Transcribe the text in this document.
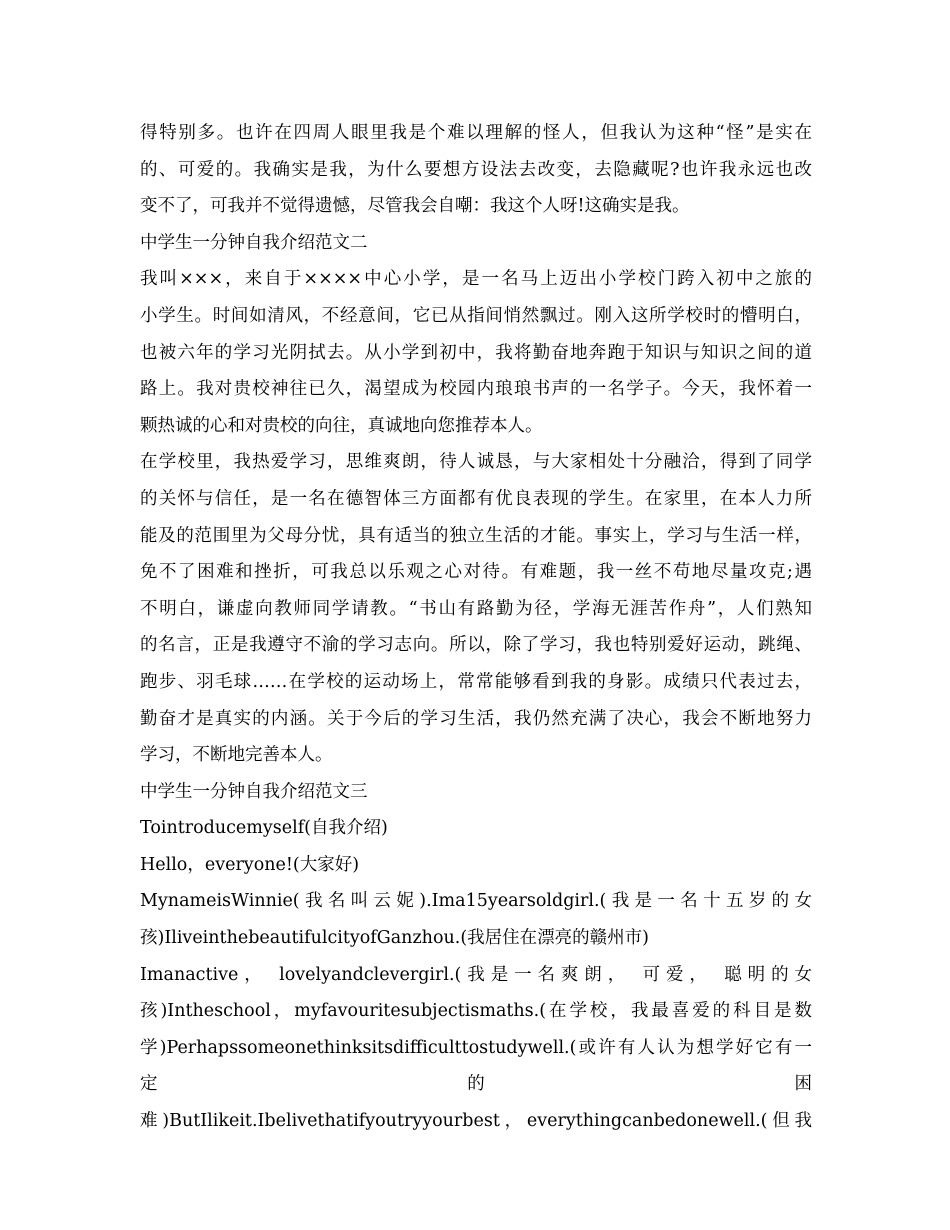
得特别多。也许在四周人眼里我是个难以理解的怪人，但我认为这种“怪”是实在
的、可爱的。我确实是我，为什么要想方设法去改变，去隐藏呢?也许我永远也改
变不了，可我并不觉得遗憾，尽管我会自嘲：我这个人呀!这确实是我。
中学生一分钟自我介绍范文二
我叫×××，来自于××××中心小学，是一名马上迈出小学校门跨入初中之旅的
小学生。时间如清风，不经意间，它已从指间悄然飘过。刚入这所学校时的懵明白，
也被六年的学习光阴拭去。从小学到初中，我将勤奋地奔跑于知识与知识之间的道
路上。我对贵校神往已久，渴望成为校园内琅琅书声的一名学子。今天，我怀着一
颗热诚的心和对贵校的向往，真诚地向您推荐本人。
在学校里，我热爱学习，思维爽朗，待人诚恳，与大家相处十分融洽，得到了同学
的关怀与信任，是一名在德智体三方面都有优良表现的学生。在家里，在本人力所
能及的范围里为父母分忧，具有适当的独立生活的才能。事实上，学习与生活一样，
免不了困难和挫折，可我总以乐观之心对待。有难题，我一丝不苟地尽量攻克;遇
不明白，谦虚向教师同学请教。“书山有路勤为径，学海无涯苦作舟”，人们熟知
的名言，正是我遵守不渝的学习志向。所以，除了学习，我也特别爱好运动，跳绳、
跑步、羽毛球……在学校的运动场上，常常能够看到我的身影。成绩只代表过去，
勤奋才是真实的内涵。关于今后的学习生活，我仍然充满了决心，我会不断地努力
学习，不断地完善本人。
中学生一分钟自我介绍范文三
Tointroducemyself(自我介绍)
Hello，everyone!(大家好)
MynameisWinnie(我名叫云妮).Ima15yearsoldgirl.(我是一名十五岁的女
孩)IliveinthebeautifulcityofGanzhou.(我居住在漂亮的赣州市)
Imanactive， lovelyandclevergirl.(我是一名爽朗， 可爱， 聪明的女
孩)Intheschool，myfavouritesubjectismaths.(在学校，我最喜爱的科目是数
学)Perhapssomeonethinksitsdifficulttostudywell.(或许有人认为想学好它有一
定	的	困
难)ButIlikeit.Ibelivethatifyoutryyourbest，everythingcanbedonewell.(但我
